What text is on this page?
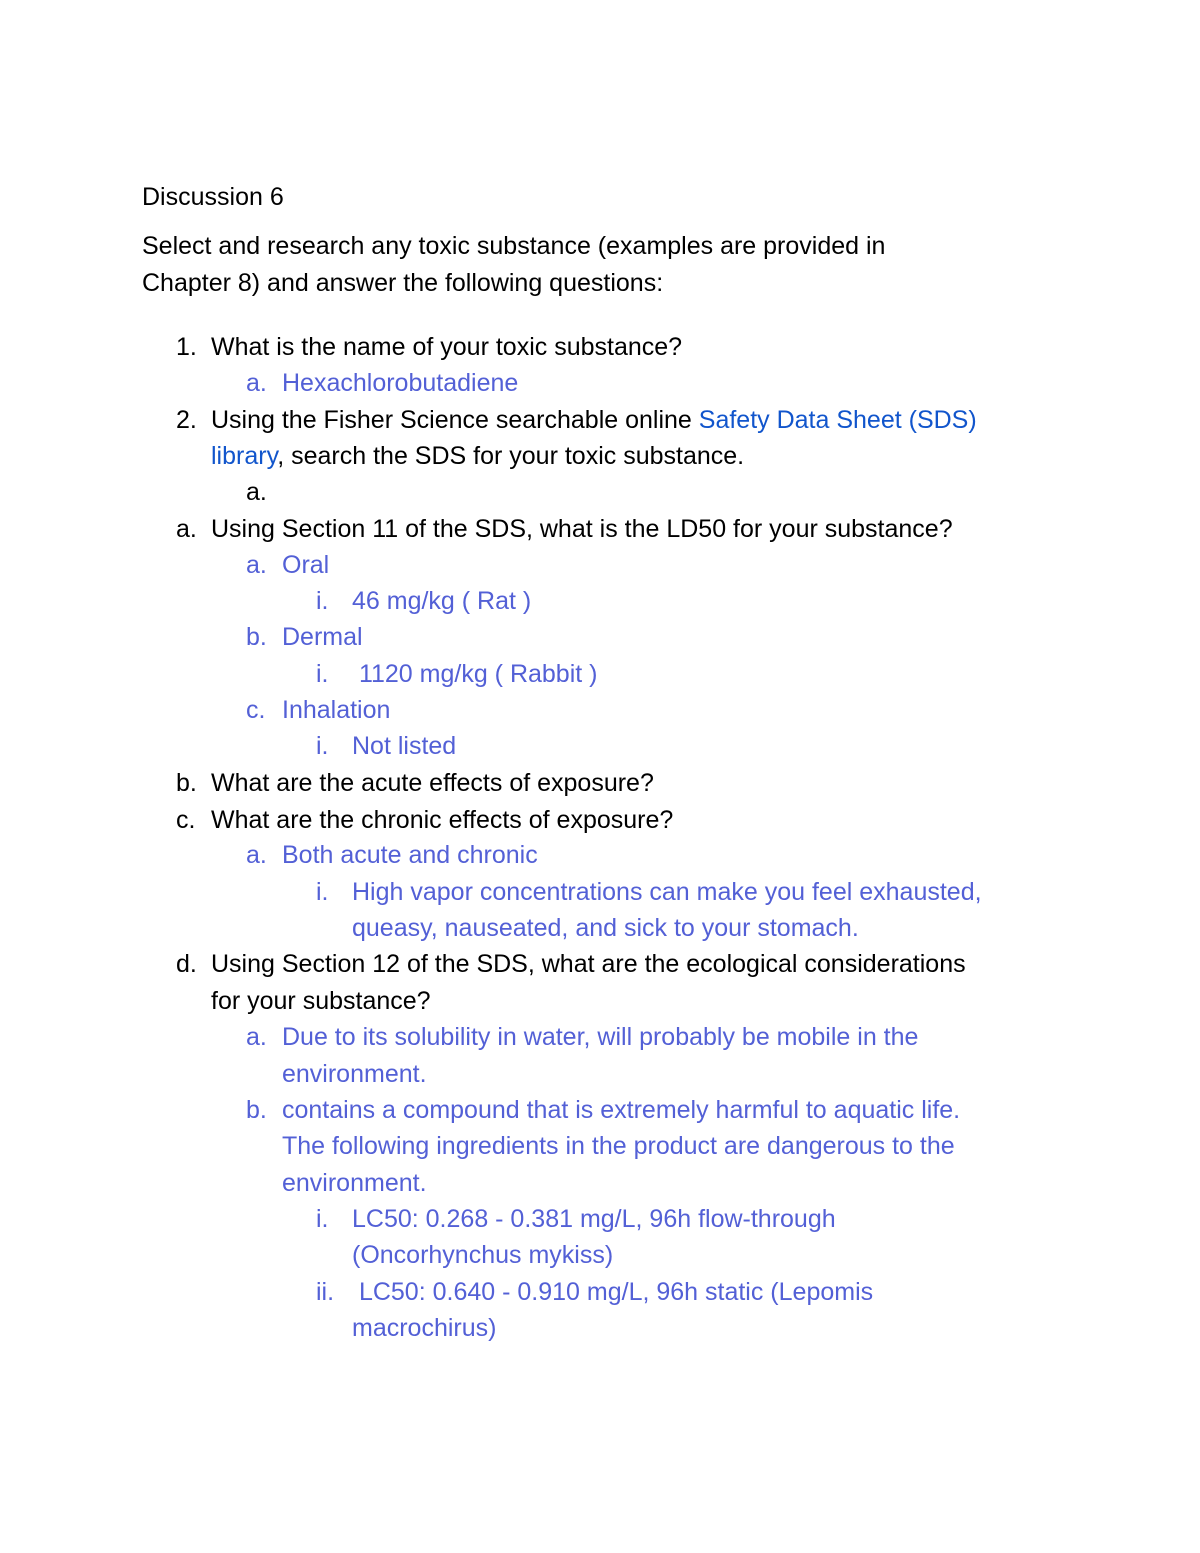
Discussion 6
Select and research any toxic substance (examples are provided in
Chapter 8) and answer the following questions:
1. What is the name of your toxic substance?
a. Hexachlorobutadiene
2. Using the Fisher Science searchable online Safety Data Sheet (SDS)
library, search the SDS for your toxic substance.
a.
a. Using Section 11 of the SDS, what is the LD50 for your substance?
a. Oral
i. 46 mg/kg ( Rat )
b. Dermal
i. 1120 mg/kg ( Rabbit )
c. Inhalation
i. Not listed
b. What are the acute effects of exposure?
c. What are the chronic effects of exposure?
a. Both acute and chronic
i. High vapor concentrations can make you feel exhausted,
queasy, nauseated, and sick to your stomach.
d. Using Section 12 of the SDS, what are the ecological considerations
for your substance?
a. Due to its solubility in water, will probably be mobile in the
environment.
b. contains a compound that is extremely harmful to aquatic life.
The following ingredients in the product are dangerous to the
environment.
i. LC50: 0.268 - 0.381 mg/L, 96h flow-through
(Oncorhynchus mykiss)
ii. LC50: 0.640 - 0.910 mg/L, 96h static (Lepomis
macrochirus)
